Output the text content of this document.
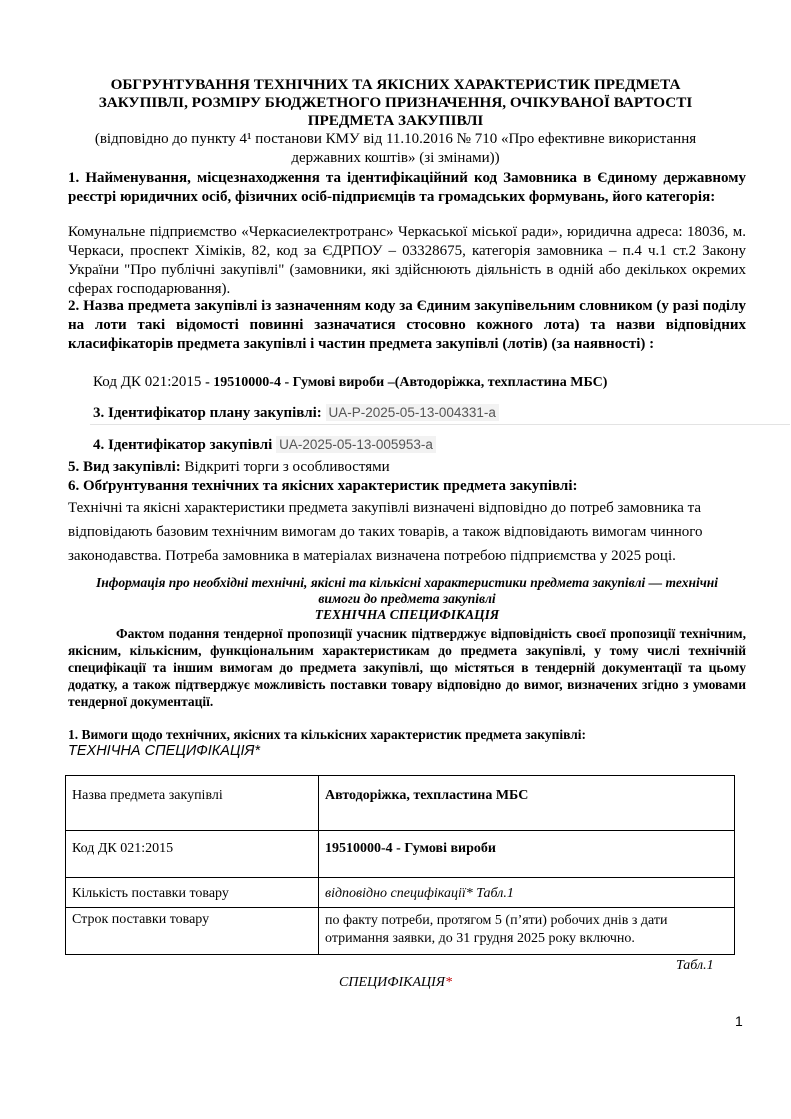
ОБГРУНТУВАННЯ ТЕХНІЧНИХ ТА ЯКІСНИХ ХАРАКТЕРИСТИК ПРЕДМЕТА
ЗАКУПІВЛІ, РОЗМІРУ БЮДЖЕТНОГО ПРИЗНАЧЕННЯ, ОЧІКУВАНОЇ ВАРТОСТІ
ПРЕДМЕТА ЗАКУПІВЛІ
(відповідно до пункту 4¹ постанови КМУ від 11.10.2016 № 710 «Про ефективне використання
державних коштів» (зі змінами))
1. Найменування, місцезнаходження та ідентифікаційний код Замовника в Єдиному державному реєстрі юридичних осіб, фізичних осіб-підприємців та громадських формувань, його категорія:
Комунальне підприємство «Черкасиелектротранс» Черкаської міської ради», юридична адреса: 18036, м. Черкаси, проспект Хіміків, 82, код за ЄДРПОУ – 03328675, категорія замовника – п.4 ч.1 ст.2 Закону України "Про публічні закупівлі" (замовники, які здійснюють діяльність в одній або декількох окремих сферах господарювання).
2. Назва предмета закупівлі із зазначенням коду за Єдиним закупівельним словником (у разі поділу на лоти такі відомості повинні зазначатися стосовно кожного лота) та назви відповідних класифікаторів предмета закупівлі і частин предмета закупівлі (лотів) (за наявності) :
Код ДК 021:2015 - 19510000-4 - Гумові вироби –(Автодоріжка, техпластина МБС)
3. Ідентифікатор плану закупівлі: UA-P-2025-05-13-004331-a
4. Ідентифікатор закупівлі UA-2025-05-13-005953-a
5. Вид закупівлі: Відкриті торги з особливостями
6. Обґрунтування технічних та якісних характеристик предмета закупівлі:
Технічні та якісні характеристики предмета закупівлі визначені відповідно до потреб замовника та
відповідають базовим технічним вимогам до таких товарів, а також відповідають вимогам чинного
законодавства. Потреба замовника в матеріалах визначена потребою підприємства у 2025 році.
Інформація про необхідні технічні, якісні та кількісні характеристики предмета закупівлі — технічні
вимоги до предмета закупівлі
ТЕХНІЧНА СПЕЦИФІКАЦІЯ
Фактом подання тендерної пропозиції учасник підтверджує відповідність своєї пропозиції технічним, якісним, кількісним, функціональним характеристикам до предмета закупівлі, у тому числі технічній специфікації та іншим вимогам до предмета закупівлі, що містяться в тендерній документації та цьому додатку, а також підтверджує можливість поставки товару відповідно до вимог, визначених згідно з умовами тендерної документації.
1. Вимоги щодо технічних, якісних та кількісних характеристик предмета закупівлі:
ТЕХНІЧНА СПЕЦИФІКАЦІЯ*
Назва предмета закупівлі	Автодоріжка, техпластина МБС
Код ДК 021:2015	19510000-4 - Гумові вироби
Кількість поставки товару	відповідно специфікації* Табл.1
Строк поставки товару	по факту потреби, протягом 5 (п’яти) робочих днів з дати отримання заявки, до 31 грудня 2025 року включно.
Табл.1
СПЕЦИФІКАЦІЯ*
1
